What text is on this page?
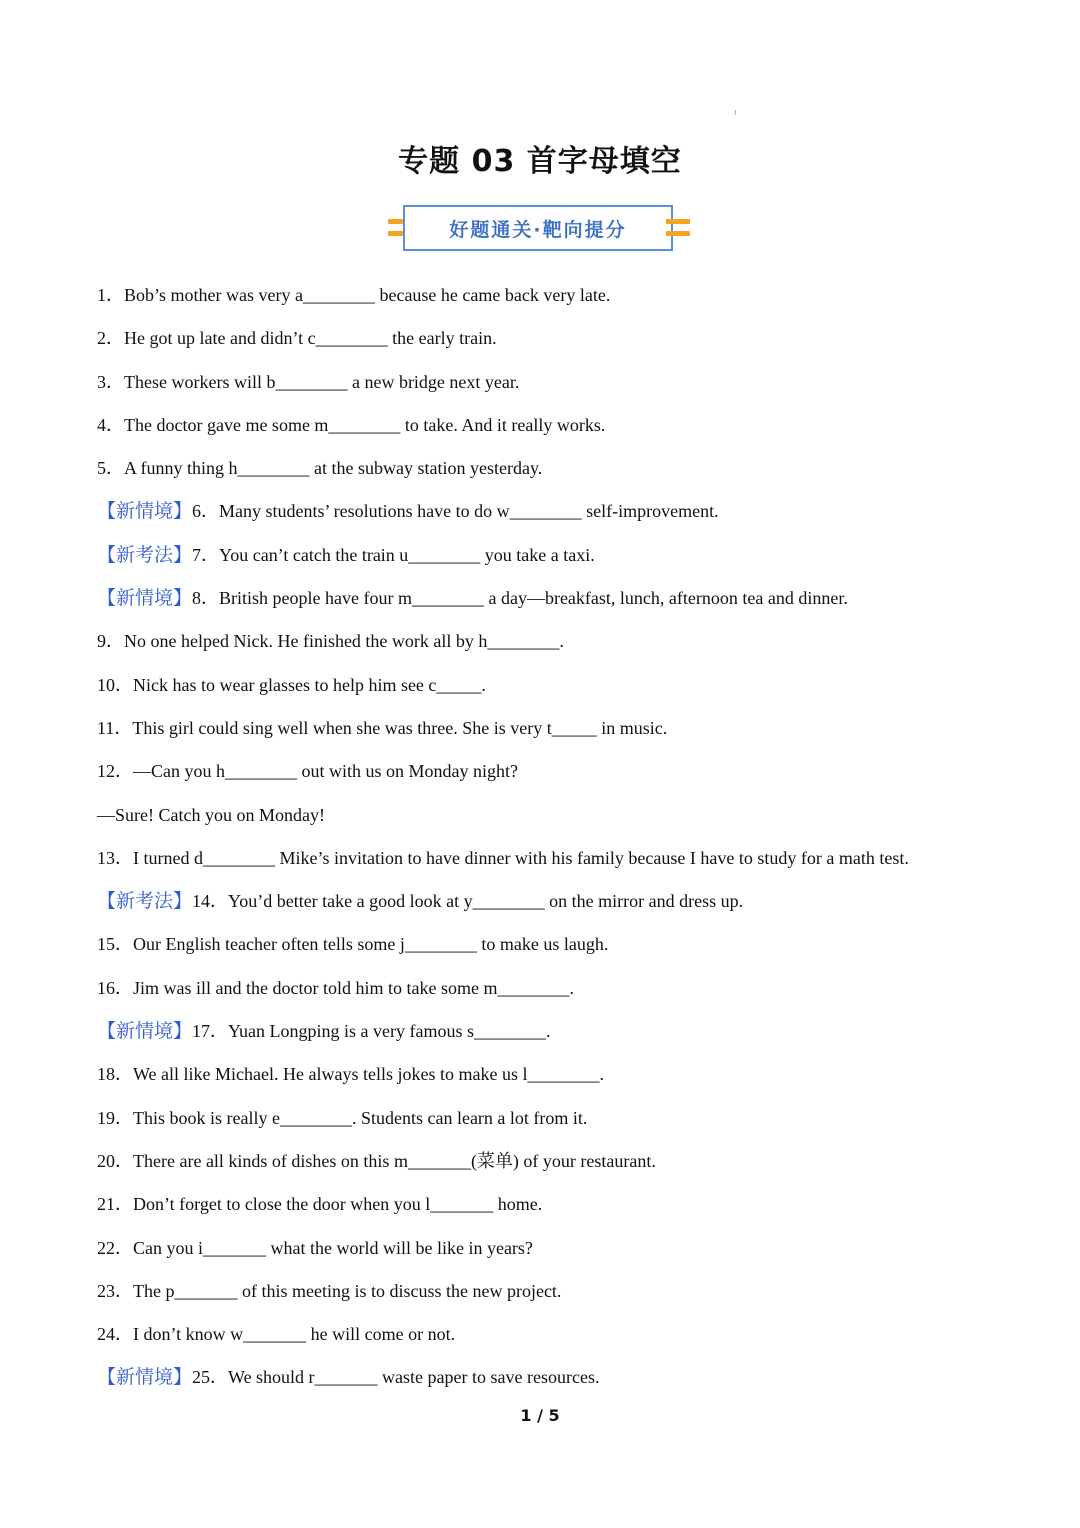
ı
专题 03 首字母填空
好题通关·靶向提分
1．Bob’s mother was very a________ because he came back very late.
2．He got up late and didn’t c________ the early train.
3．These workers will b________ a new bridge next year.
4．The doctor gave me some m________ to take. And it really works.
5．A funny thing h________ at the subway station yesterday.
【新情境】6．Many students’ resolutions have to do w________ self-improvement.
【新考法】7．You can’t catch the train u________ you take a taxi.
【新情境】8．British people have four m________ a day—breakfast, lunch, afternoon tea and dinner.
9．No one helped Nick. He finished the work all by h________.
10．Nick has to wear glasses to help him see c_____.
11．This girl could sing well when she was three. She is very t_____ in music.
12．—Can you h________ out with us on Monday night?
—Sure! Catch you on Monday!
13．I turned d________ Mike’s invitation to have dinner with his family because I have to study for a math test.
【新考法】14．You’d better take a good look at y________ on the mirror and dress up.
15．Our English teacher often tells some j________ to make us laugh.
16．Jim was ill and the doctor told him to take some m________.
【新情境】17．Yuan Longping is a very famous s________.
18．We all like Michael. He always tells jokes to make us l________.
19．This book is really e________. Students can learn a lot from it.
20．There are all kinds of dishes on this m_______(菜单) of your restaurant.
21．Don’t forget to close the door when you l_______ home.
22．Can you i_______ what the world will be like in years?
23．The p_______ of this meeting is to discuss the new project.
24．I don’t know w_______ he will come or not.
【新情境】25．We should r_______ waste paper to save resources.
1 / 5
